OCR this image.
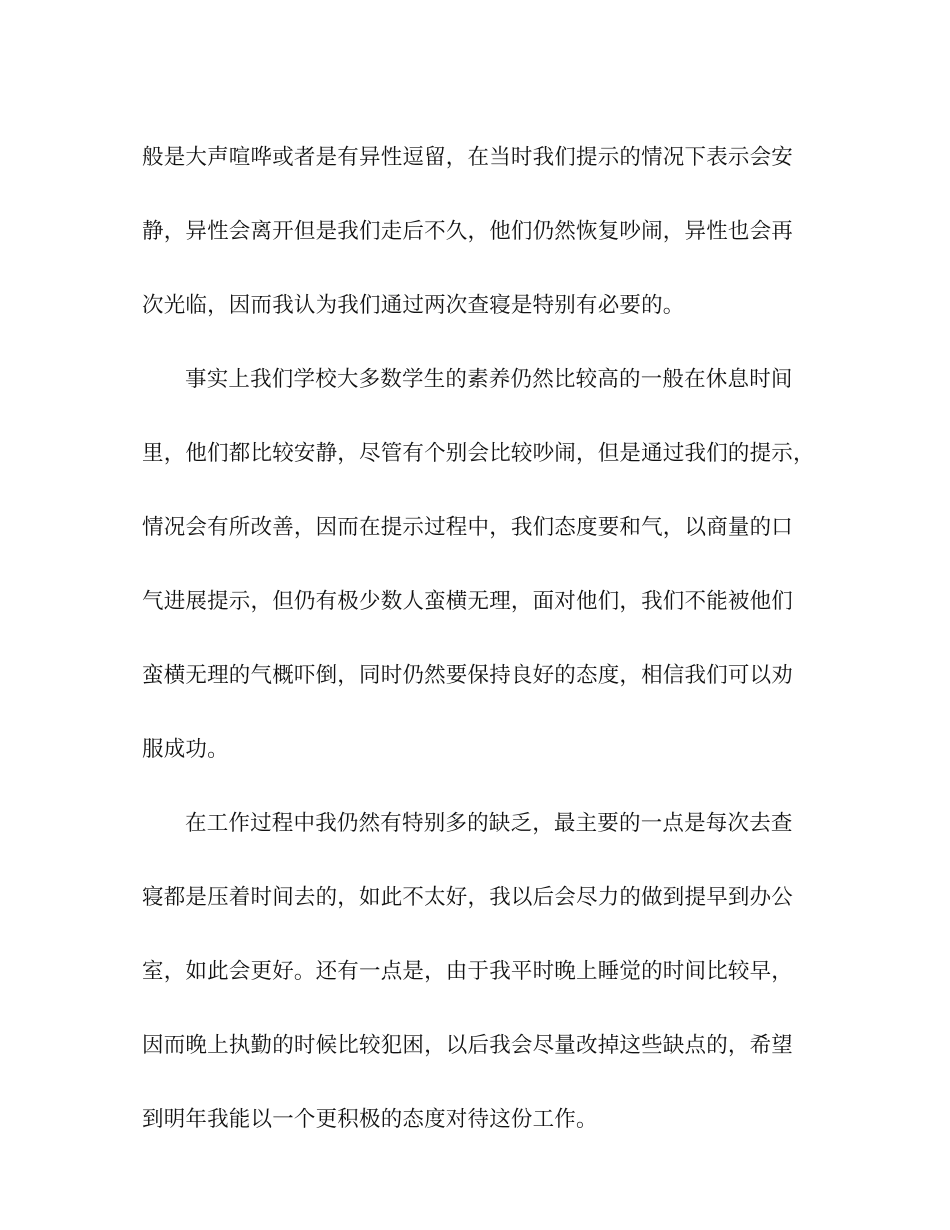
般是大声喧哗或者是有异性逗留，在当时我们提示的情况下表示会安
静，异性会离开但是我们走后不久，他们仍然恢复吵闹，异性也会再
次光临，因而我认为我们通过两次查寝是特别有必要的。
事实上我们学校大多数学生的素养仍然比较高的一般在休息时间
里，他们都比较安静，尽管有个别会比较吵闹，但是通过我们的提示，
情况会有所改善，因而在提示过程中，我们态度要和气，以商量的口
气进展提示，但仍有极少数人蛮横无理，面对他们，我们不能被他们
蛮横无理的气概吓倒，同时仍然要保持良好的态度，相信我们可以劝
服成功。
在工作过程中我仍然有特别多的缺乏，最主要的一点是每次去查
寝都是压着时间去的，如此不太好，我以后会尽力的做到提早到办公
室，如此会更好。还有一点是，由于我平时晚上睡觉的时间比较早，
因而晚上执勤的时候比较犯困，以后我会尽量改掉这些缺点的，希望
到明年我能以一个更积极的态度对待这份工作。
